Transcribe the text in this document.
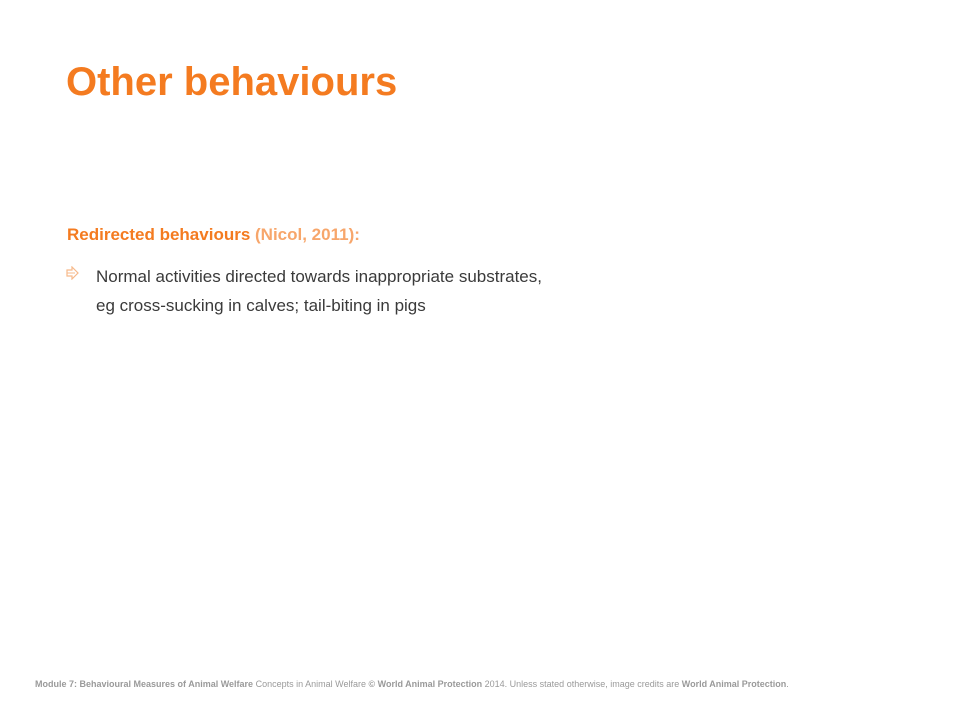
Other behaviours
Redirected behaviours (Nicol, 2011):
Normal activities directed towards inappropriate substrates,
eg cross-sucking in calves; tail-biting in pigs
Module 7: Behavioural Measures of Animal Welfare Concepts in Animal Welfare © World Animal Protection 2014. Unless stated otherwise, image credits are World Animal Protection.
